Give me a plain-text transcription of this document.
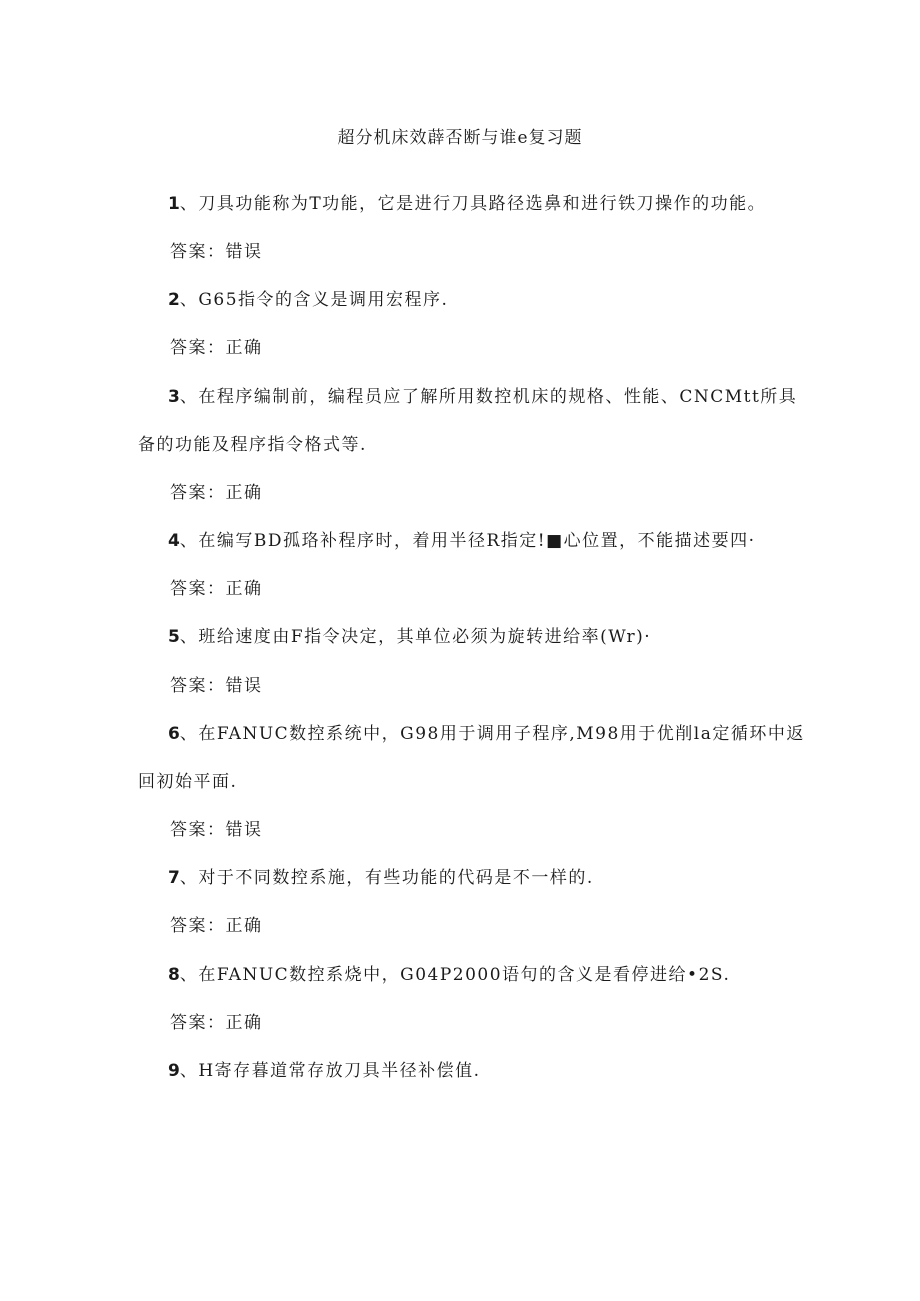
超分机床效薜否断与谁e复习题
1、刀具功能称为T功能，它是进行刀具路径选鼻和进行铁刀操作的功能。
答案：错误
2、G65指令的含义是调用宏程序.
答案：正确
3、在程序编制前，编程员应了解所用数控机床的规格、性能、CNCMtt所具
备的功能及程序指令格式等.
答案：正确
4、在编写BD孤珞补程序时，着用半径R指定!■心位置，不能描述要四·
答案：正确
5、班给速度由F指令决定，其单位必须为旋转进给率(Wr)·
答案：错误
6、在FANUC数控系统中，G98用于调用子程序,M98用于优削la定循环中返
回初始平面.
答案：错误
7、对于不同数控系施，有些功能的代码是不一样的.
答案：正确
8、在FANUC数控系烧中，G04P2000语句的含义是看停进给•2S.
答案：正确
9、H寄存暮道常存放刀具半径补偿值.
